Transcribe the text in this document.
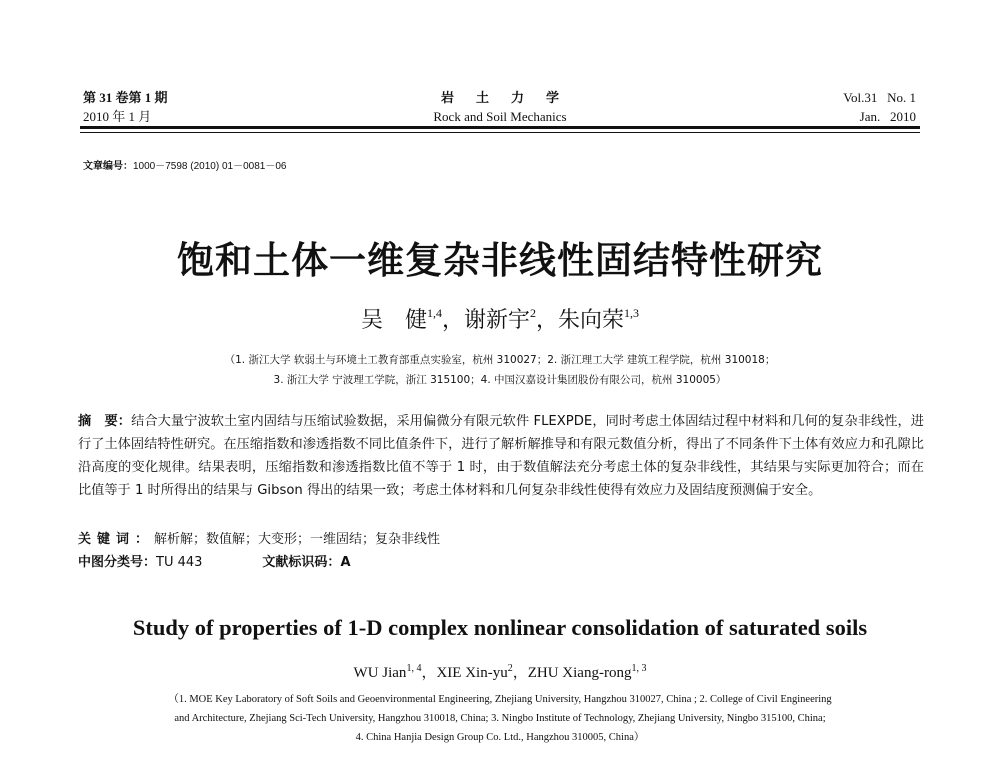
第 31 卷第 1 期
2010 年 1 月
岩土力学
Rock and Soil Mechanics
Vol.31   No. 1
Jan.   2010
文章编号：1000－7598 (2010) 01－0081－06
饱和土体一维复杂非线性固结特性研究
吴　健$^{1,4}$，谢新宇$^2$，朱向荣$^{1,3}$
（1. 浙江大学 软弱土与环境土工教育部重点实验室，杭州 310027；2. 浙江理工大学 建筑工程学院，杭州 310018；
3. 浙江大学 宁波理工学院，浙江 315100；4. 中国汉嘉设计集团股份有限公司，杭州 310005）
摘　要：结合大量宁波软土室内固结与压缩试验数据，采用偏微分有限元软件 FLEXPDE，同时考虑土体固结过程中材料和几何的复杂非线性，进行了土体固结特性研究。在压缩指数和渗透指数不同比值条件下，进行了解析解推导和有限元数值分析，得出了不同条件下土体有效应力和孔隙比沿高度的变化规律。结果表明，压缩指数和渗透指数比值不等于 1 时，由于数值解法充分考虑土体的复杂非线性，其结果与实际更加符合；而在比值等于 1 时所得出的结果与 Gibson 得出的结果一致；考虑土体材料和几何复杂非线性使得有效应力及固结度预测偏于安全。
关键词：解析解；数值解；大变形；一维固结；复杂非线性
中图分类号：TU 443	文献标识码：A
Study of properties of 1-D complex nonlinear consolidation of saturated soils
WU Jian$^{1, 4}$，XIE Xin-$yu^2$，ZHU Xiang-rong$^{1, 3}$
（1. MOE Key Laboratory of Soft Soils and Geoenvironmental Engineering, Zhejiang University, Hangzhou 310027, China ; 2. College of Civil Engineering
and Architecture, Zhejiang Sci-Tech University, Hangzhou 310018, China; 3. Ningbo Institute of Technology, Zhejiang University, Ningbo 315100, China;
4. China Hanjia Design Group Co. Ltd., Hangzhou 310005, China）
